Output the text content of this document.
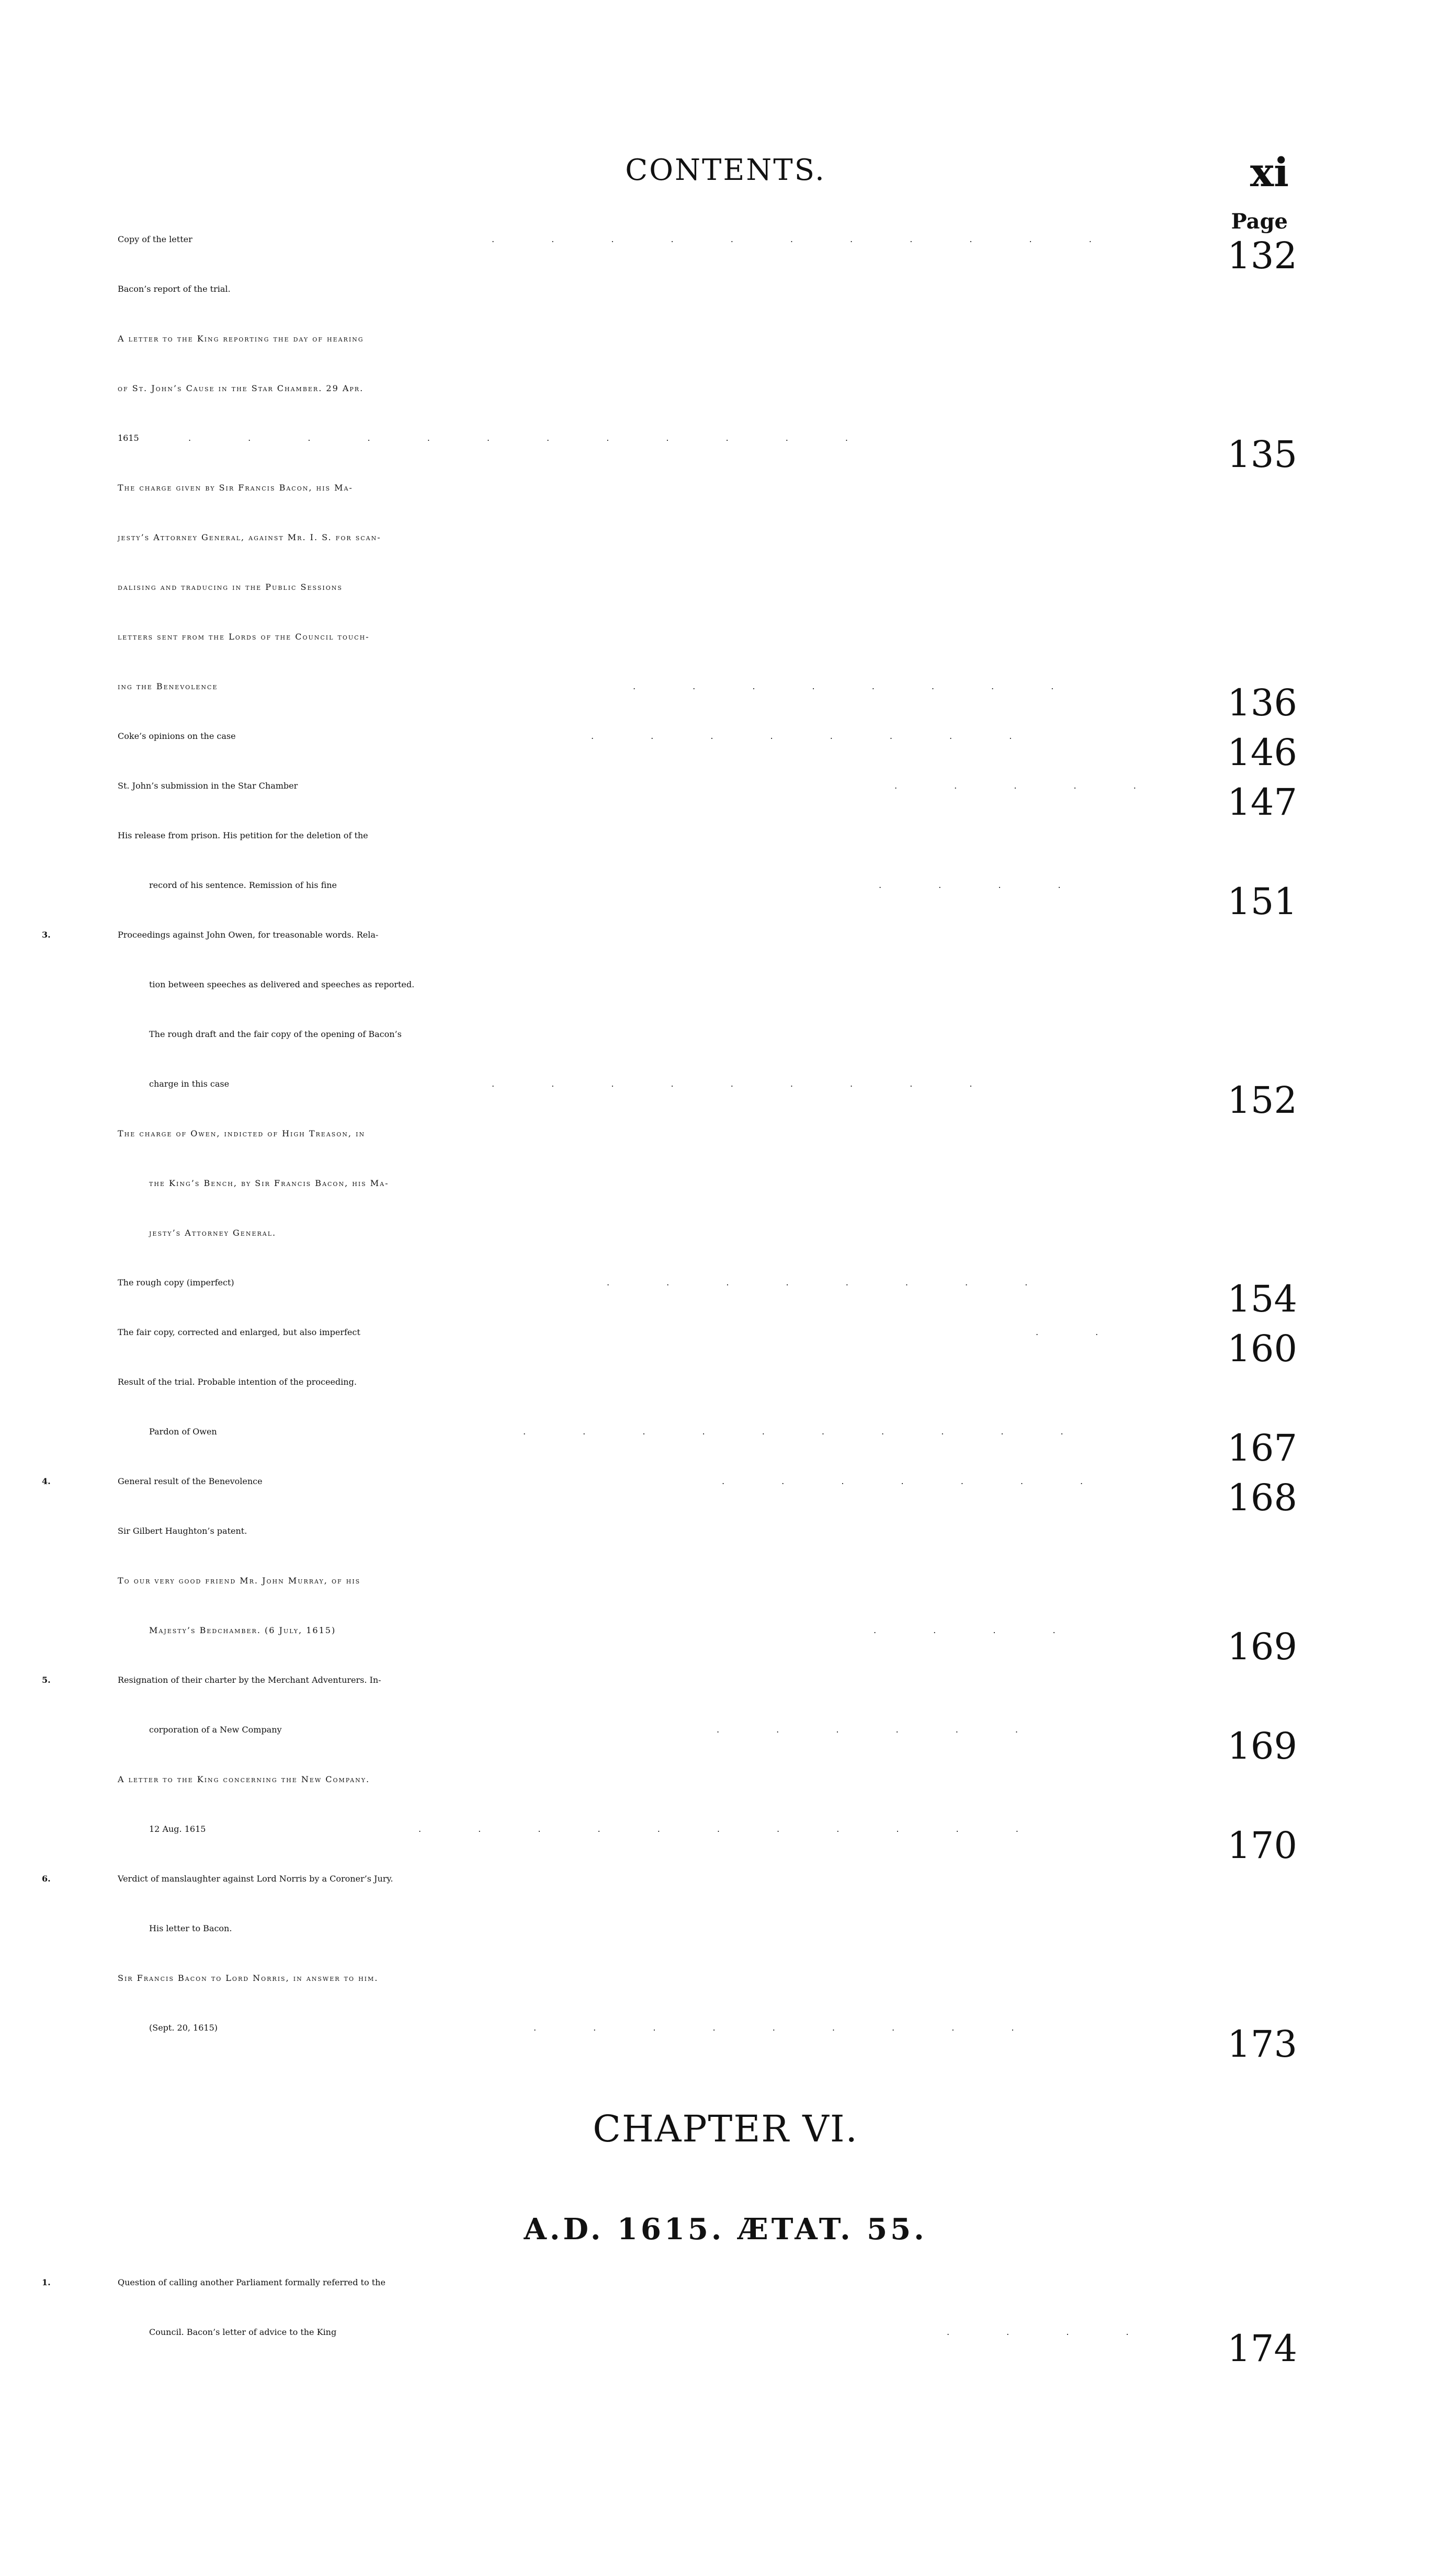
CONTENTS.	xi
Page
Copy of the letter	. . . . . . . . . . .	132
Bacon’s report of the trial.
A letter to the King reporting the day of hearing
of St. John’s Cause in the Star Chamber. 29 Apr.
1615	. . . . . . . . . . . .	135
The charge given by Sir Francis Bacon, his Ma-
jesty’s Attorney General, against Mr. I. S. for scan-
dalising and traducing in the Public Sessions
letters sent from the Lords of the Council touch-
ing the Benevolence	. . . . . . . .	136
Coke’s opinions on the case	. . . . . . . .	146
St. John’s submission in the Star Chamber	. . . . . 147
His release from prison. His petition for the deletion of the
record of his sentence. Remission of his fine	. . . .	151
3.	Proceedings against John Owen, for treasonable words. Rela-
tion between speeches as delivered and speeches as reported.
The rough draft and the fair copy of the opening of Bacon’s
charge in this case	. . . . . . . . .	152
The charge of Owen, indicted of High Treason, in
the King’s Bench, by Sir Francis Bacon, his Ma-
jesty’s Attorney General.
The rough copy (imperfect)	. . . . . . . .	154
The fair copy, corrected and enlarged, but also imperfect	. .	160
Result of the trial. Probable intention of the proceeding.
Pardon of Owen	. . . . . . . . . .	167
4.	General result of the Benevolence	. . . . . . .	168
Sir Gilbert Haughton’s patent.
To our very good friend Mr. John Murray, of his
Majesty’s Bedchamber. (6 July, 1615)	. . . .	169
5.	Resignation of their charter by the Merchant Adventurers. In-
corporation of a New Company	. . . . . .	169
A letter to the King concerning the New Company.
12 Aug. 1615	. . . . . . . . . . .	170
6.	Verdict of manslaughter against Lord Norris by a Coroner’s Jury.
His letter to Bacon.
Sir Francis Bacon to Lord Norris, in answer to him.
(Sept. 20, 1615)	. . . . . . . . .	173
CHAPTER VI.
A.D. 1615. ÆTAT. 55.
1.	Question of calling another Parliament formally referred to the
Council. Bacon’s letter of advice to the King	. . . . 174
